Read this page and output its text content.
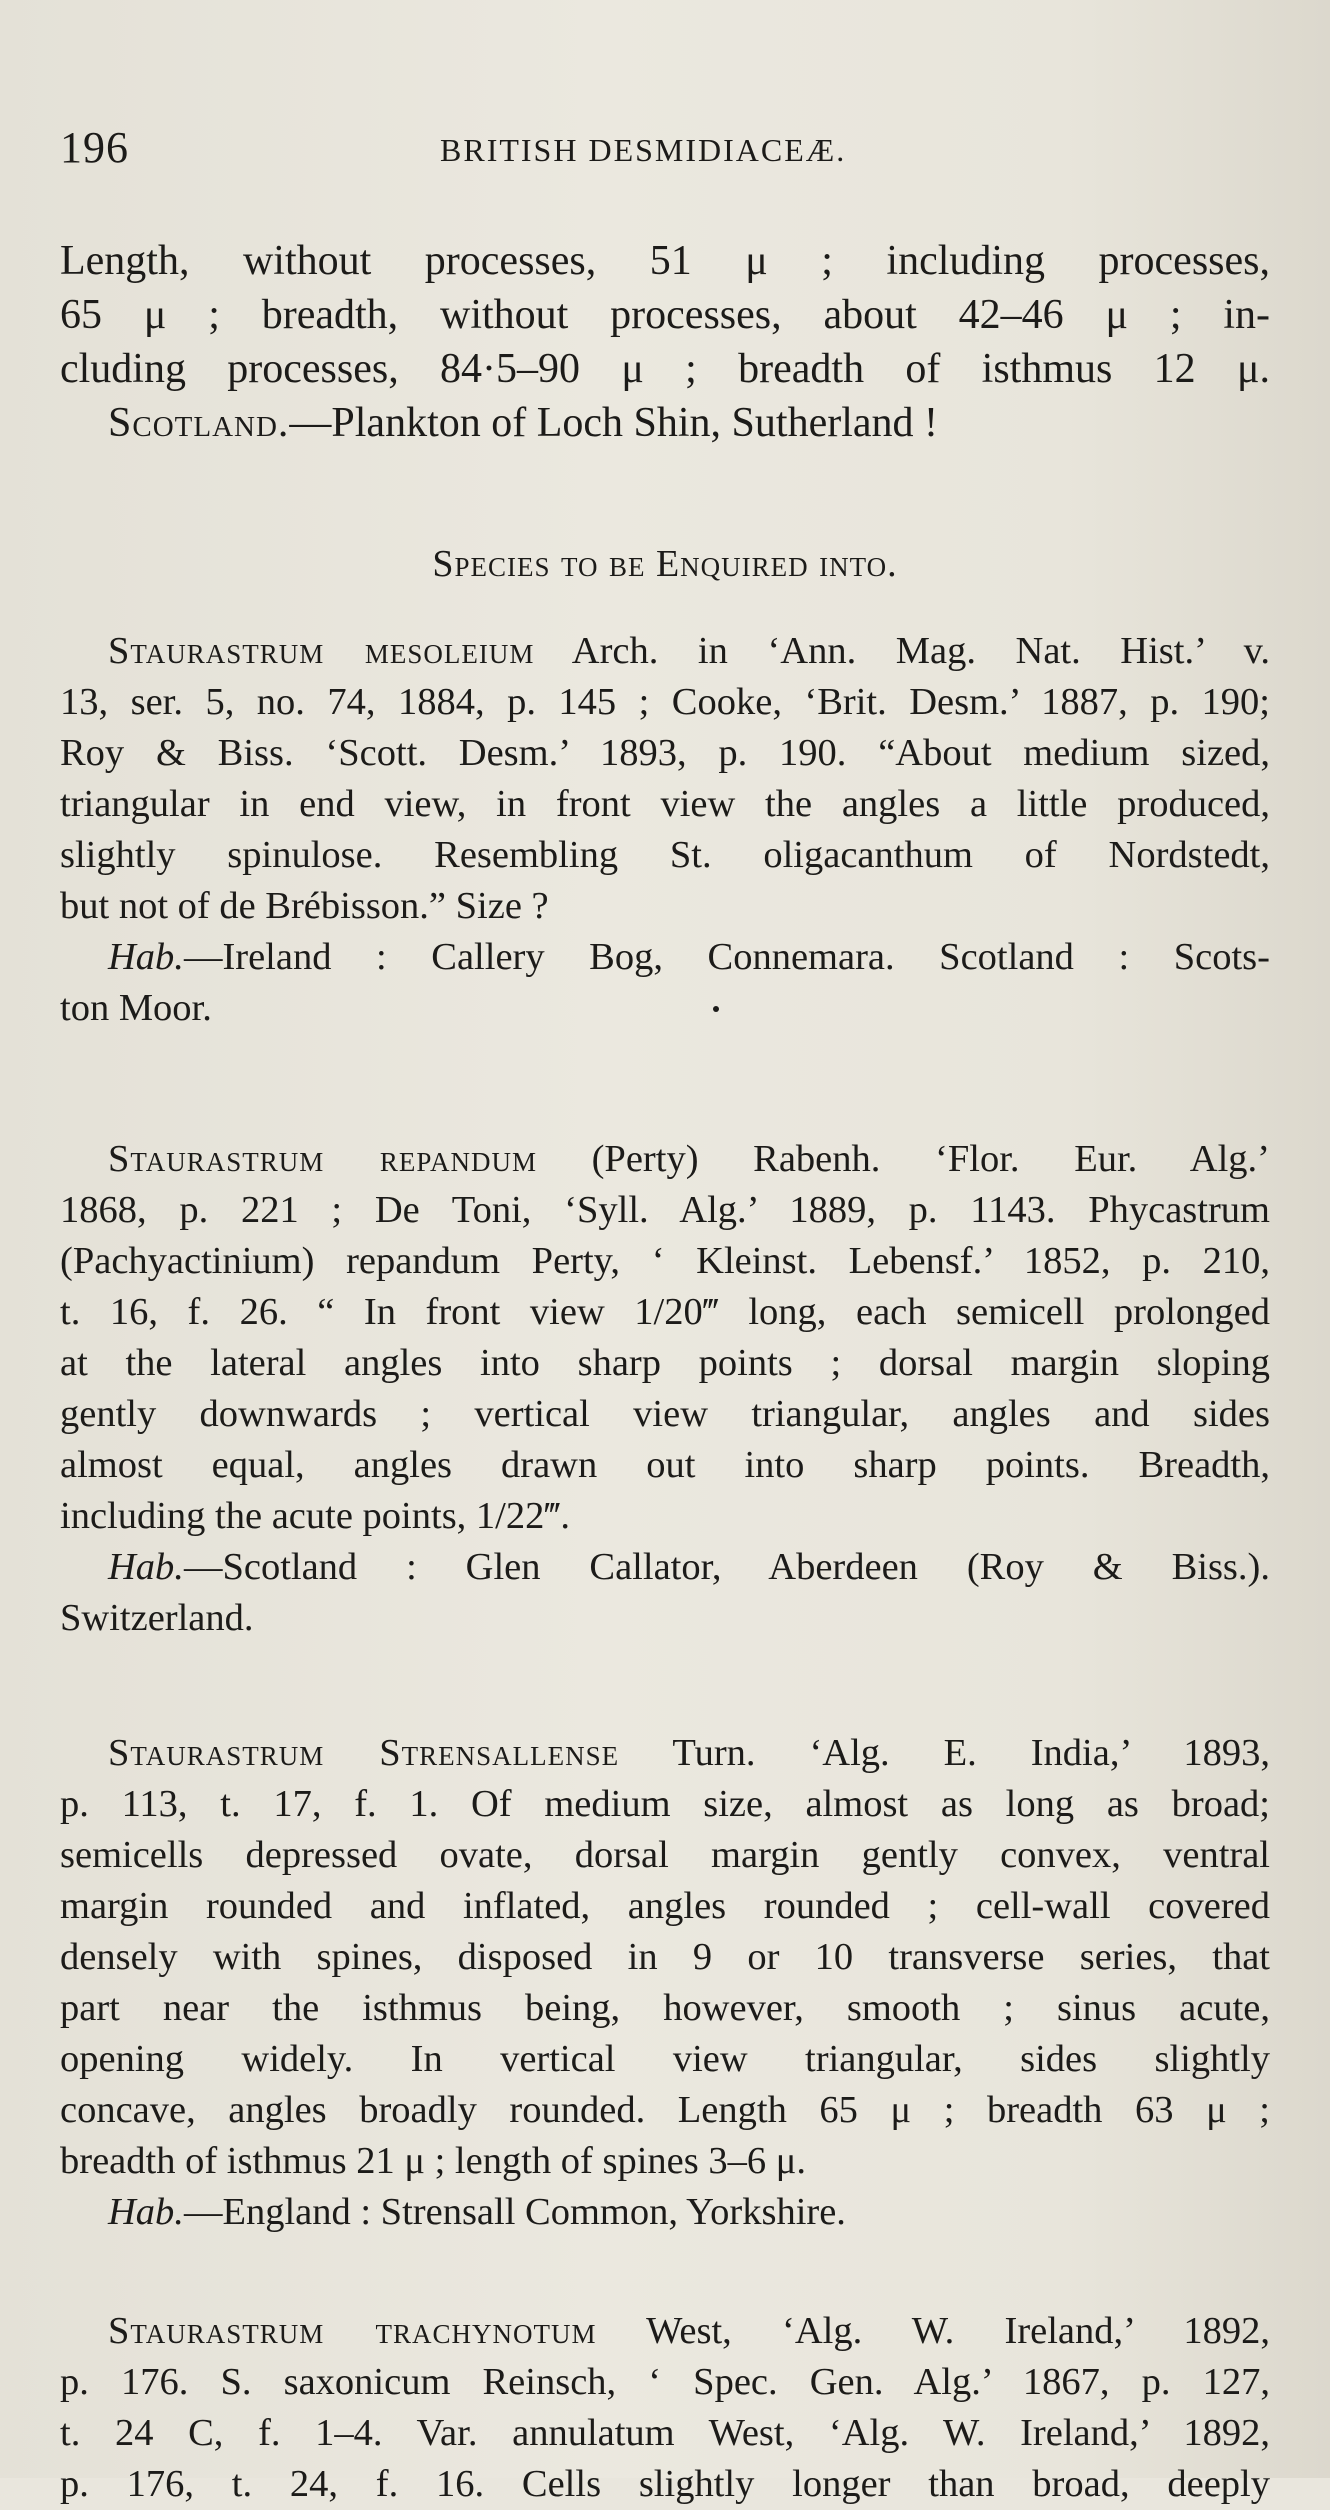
196	BRITISH DESMIDIACEÆ.
Length, without processes, 51 μ ; including processes,
65 μ ; breadth, without processes, about 42–46 μ ; in-
cluding processes, 84·5–90 μ ; breadth of isthmus 12 μ.
Scotland.—Plankton of Loch Shin, Sutherland !
Species to be Enquired into.
Staurastrum mesoleium Arch. in ‘Ann. Mag. Nat. Hist.’ v.
13, ser. 5, no. 74, 1884, p. 145 ; Cooke, ‘Brit. Desm.’ 1887, p. 190;
Roy & Biss. ‘Scott. Desm.’ 1893, p. 190. “About medium sized,
triangular in end view, in front view the angles a little produced,
slightly spinulose. Resembling St. oligacanthum of Nordstedt,
but not of de Brébisson.” Size ?
Hab.—Ireland : Callery Bog, Connemara. Scotland : Scots-
ton Moor.
Staurastrum repandum (Perty) Rabenh. ‘Flor. Eur. Alg.’
1868, p. 221 ; De Toni, ‘Syll. Alg.’ 1889, p. 1143. Phycastrum
(Pachyactinium) repandum Perty, ‘ Kleinst. Lebensf.’ 1852, p. 210,
t. 16, f. 26. “ In front view 1/20‴ long, each semicell prolonged
at the lateral angles into sharp points ; dorsal margin sloping
gently downwards ; vertical view triangular, angles and sides
almost equal, angles drawn out into sharp points. Breadth,
including the acute points, 1/22‴.
Hab.—Scotland : Glen Callator, Aberdeen (Roy & Biss.).
Switzerland.
Staurastrum Strensallense Turn. ‘Alg. E. India,’ 1893,
p. 113, t. 17, f. 1. Of medium size, almost as long as broad;
semicells depressed ovate, dorsal margin gently convex, ventral
margin rounded and inflated, angles rounded ; cell-wall covered
densely with spines, disposed in 9 or 10 transverse series, that
part near the isthmus being, however, smooth ; sinus acute,
opening widely. In vertical view triangular, sides slightly
concave, angles broadly rounded. Length 65 μ ; breadth 63 μ ;
breadth of isthmus 21 μ ; length of spines 3–6 μ.
Hab.—England : Strensall Common, Yorkshire.
Staurastrum trachynotum West, ‘Alg. W. Ireland,’ 1892,
p. 176. S. saxonicum Reinsch, ‘ Spec. Gen. Alg.’ 1867, p. 127,
t. 24 C, f. 1–4. Var. annulatum West, ‘Alg. W. Ireland,’ 1892,
p. 176, t. 24, f. 16. Cells slightly longer than broad, deeply
